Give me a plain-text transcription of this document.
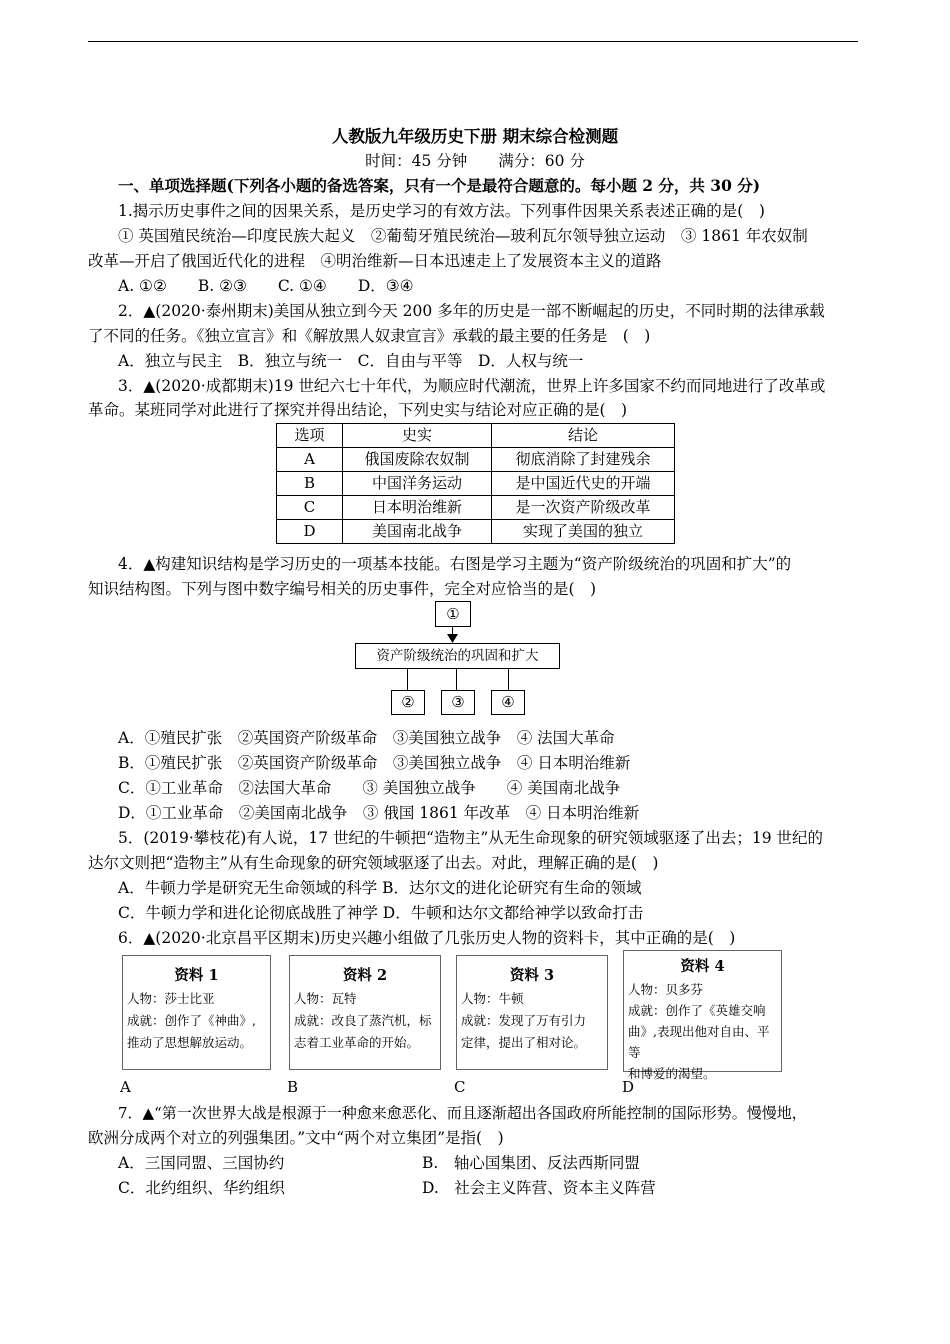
人教版九年级历史下册 期末综合检测题
时间：45 分钟　　满分：60 分
一、单项选择题(下列各小题的备选答案，只有一个是最符合题意的。每小题 2 分，共 30 分)
1.揭示历史事件之间的因果关系，是历史学习的有效方法。下列事件因果关系表述正确的是(　)
① 英国殖民统治—印度民族大起义　②葡萄牙殖民统治—玻利瓦尔领导独立运动　③ 1861 年农奴制
改革—开启了俄国近代化的进程　④明治维新—日本迅速走上了发展资本主义的道路
A. ①②　　B. ②③　　C. ①④　　D．③④
2．▲(2020·泰州期末)美国从独立到今天 200 多年的历史是一部不断崛起的历史，不同时期的法律承载
了不同的任务。《独立宣言》和《解放黑人奴隶宣言》承载的最主要的任务是　(　)
A．独立与民主　B．独立与统一　C．自由与平等　D．人权与统一
3．▲(2020·成都期末)19 世纪六七十年代，为顺应时代潮流，世界上许多国家不约而同地进行了改革或
革命。某班同学对此进行了探究并得出结论，下列史实与结论对应正确的是(　)
选项	史实	结论
A	俄国废除农奴制	彻底消除了封建残余
B	中国洋务运动	是中国近代史的开端
C	日本明治维新	是一次资产阶级改革
D	美国南北战争	实现了美国的独立
4．▲构建知识结构是学习历史的一项基本技能。右图是学习主题为“资产阶级统治的巩固和扩大”的
知识结构图。下列与图中数字编号相关的历史事件，完全对应恰当的是(　)
①
资产阶级统治的巩固和扩大
②	③	④
A．①殖民扩张　②英国资产阶级革命　③美国独立战争　④ 法国大革命
B．①殖民扩张　②英国资产阶级革命　③美国独立战争　④ 日本明治维新
C．①工业革命　②法国大革命　　③ 美国独立战争　　④ 美国南北战争
D．①工业革命　②美国南北战争　③ 俄国 1861 年改革　④ 日本明治维新
5．(2019·攀枝花)有人说，17 世纪的牛顿把“造物主”从无生命现象的研究领域驱逐了出去；19 世纪的
达尔文则把“造物主”从有生命现象的研究领域驱逐了出去。对此，理解正确的是(　)
A．牛顿力学是研究无生命领域的科学 B．达尔文的进化论研究有生命的领域
C．牛顿力学和进化论彻底战胜了神学 D．牛顿和达尔文都给神学以致命打击
6．▲(2020·北京昌平区期末)历史兴趣小组做了几张历史人物的资料卡，其中正确的是(　)
资料 1
人物：莎士比亚
成就：创作了《神曲》,
推动了思想解放运动。
资料 2
人物：瓦特
成就：改良了蒸汽机，标
志着工业革命的开始。
资料 3
人物：牛顿
成就：发现了万有引力
定律，提出了相对论。
资料 4
人物：贝多芬
成就：创作了《英雄交响
曲》,表现出他对自由、平等
和博爱的渴望。
A	B	C	D
7．▲“第一次世界大战是根源于一种愈来愈恶化、而且逐渐超出各国政府所能控制的国际形势。慢慢地，
欧洲分成两个对立的列强集团。”文中“两个对立集团”是指(　)
A．三国同盟、三国协约	B.　轴心国集团、反法西斯同盟
C．北约组织、华约组织	D.　社会主义阵营、资本主义阵营
